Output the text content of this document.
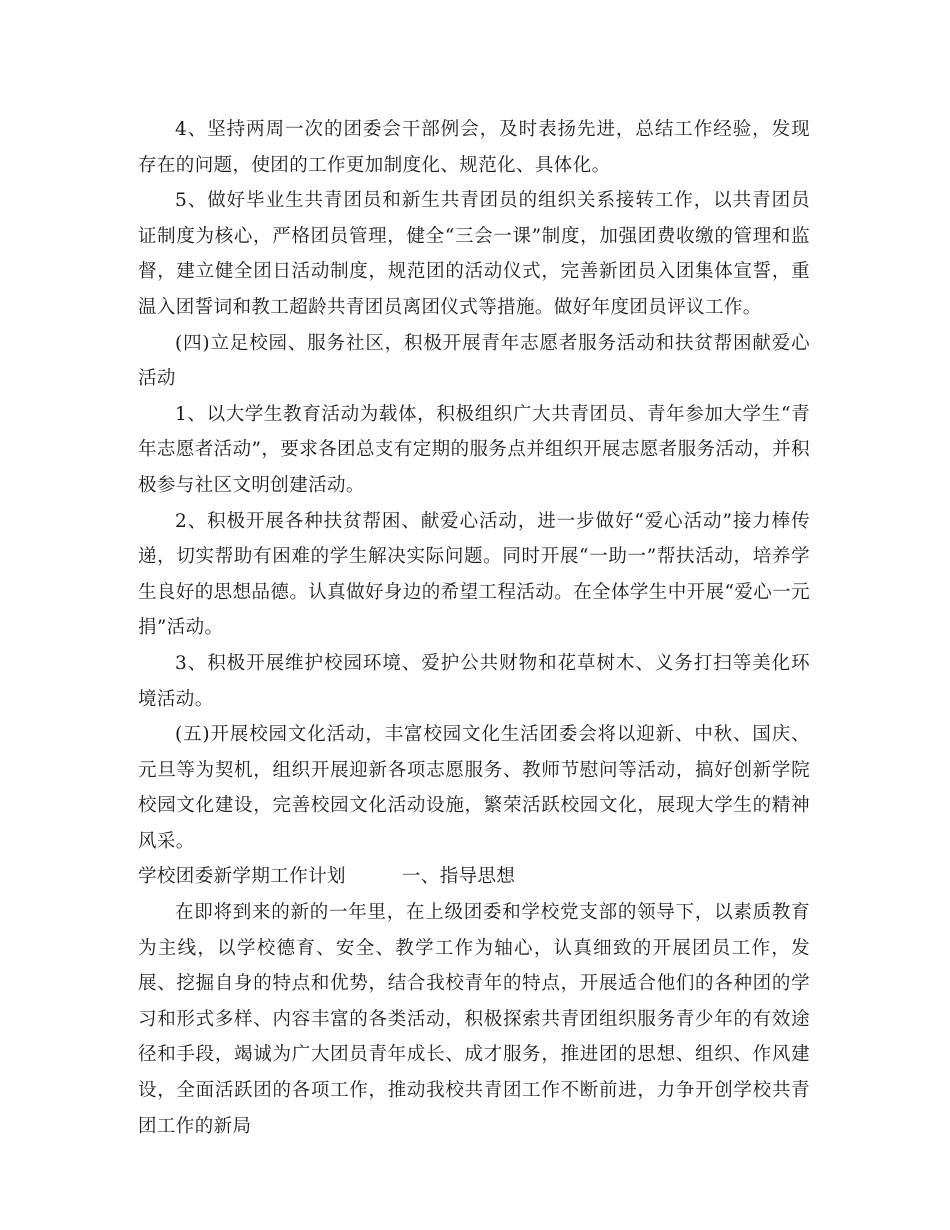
4、坚持两周一次的团委会干部例会，及时表扬先进，总结工作经验，发现存在的问题，使团的工作更加制度化、规范化、具体化。

5、做好毕业生共青团员和新生共青团员的组织关系接转工作，以共青团员证制度为核心，严格团员管理，健全“三会一课”制度，加强团费收缴的管理和监督，建立健全团日活动制度，规范团的活动仪式，完善新团员入团集体宣誓，重温入团誓词和教工超龄共青团员离团仪式等措施。做好年度团员评议工作。

(四)立足校园、服务社区，积极开展青年志愿者服务活动和扶贫帮困献爱心活动

1、以大学生教育活动为载体，积极组织广大共青团员、青年参加大学生“青年志愿者活动”，要求各团总支有定期的服务点并组织开展志愿者服务活动，并积极参与社区文明创建活动。

2、积极开展各种扶贫帮困、献爱心活动，进一步做好“爱心活动”接力棒传递，切实帮助有困难的学生解决实际问题。同时开展“一助一”帮扶活动，培养学生良好的思想品德。认真做好身边的希望工程活动。在全体学生中开展“爱心一元捐”活动。

3、积极开展维护校园环境、爱护公共财物和花草树木、义务打扫等美化环境活动。

(五)开展校园文化活动，丰富校园文化生活团委会将以迎新、中秋、国庆、元旦等为契机，组织开展迎新各项志愿服务、教师节慰问等活动，搞好创新学院校园文化建设，完善校园文化活动设施，繁荣活跃校园文化，展现大学生的精神风采。

学校团委新学期工作计划	一、指导思想

在即将到来的新的一年里，在上级团委和学校党支部的领导下，以素质教育为主线，以学校德育、安全、教学工作为轴心，认真细致的开展团员工作，发展、挖掘自身的特点和优势，结合我校青年的特点，开展适合他们的各种团的学习和形式多样、内容丰富的各类活动，积极探索共青团组织服务青少年的有效途径和手段，竭诚为广大团员青年成长、成才服务，推进团的思想、组织、作风建设，全面活跃团的各项工作，推动我校共青团工作不断前进，力争开创学校共青团工作的新局
